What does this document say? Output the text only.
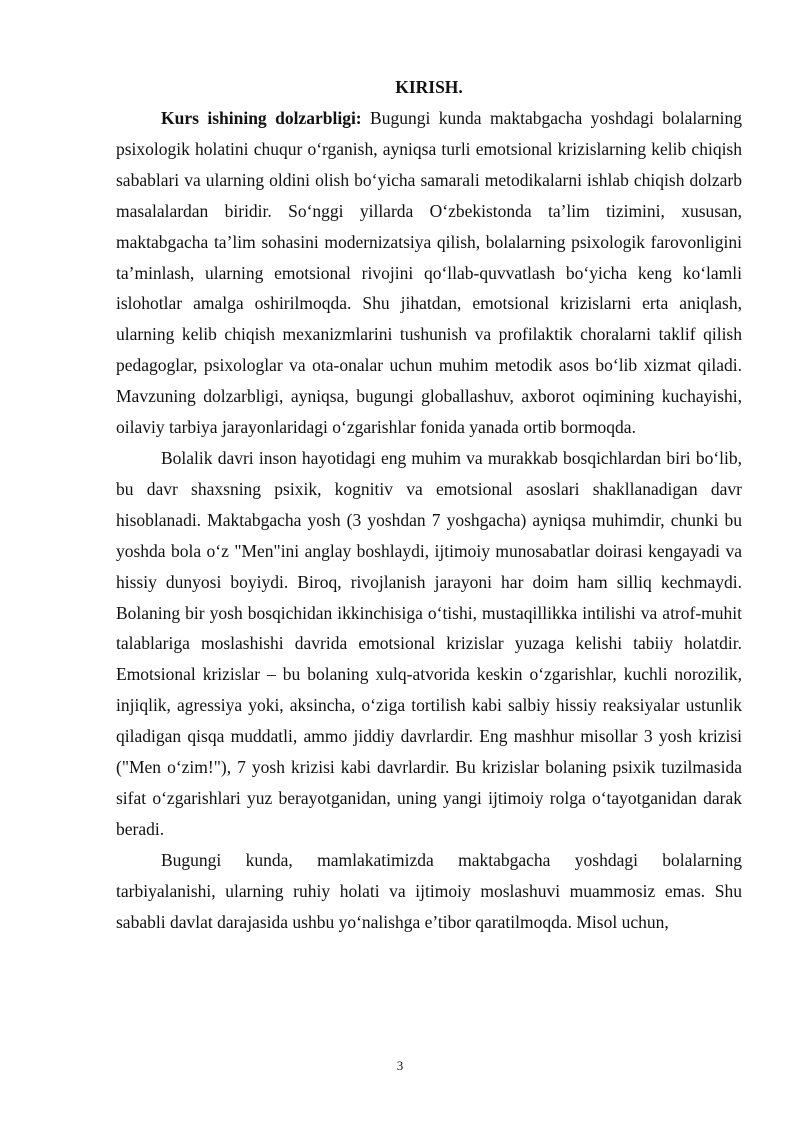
KIRISH.

Kurs ishining dolzarbligi: Bugungi kunda maktabgacha yoshdagi bolalarning psixologik holatini chuqur o‘rganish, ayniqsa turli emotsional krizislarning kelib chiqish sabablari va ularning oldini olish bo‘yicha samarali metodikalarni ishlab chiqish dolzarb masalalardan biridir. So‘nggi yillarda O‘zbekistonda ta’lim tizimini, xususan, maktabgacha ta’lim sohasini modernizatsiya qilish, bolalarning psixologik farovonligini ta’minlash, ularning emotsional rivojini qo‘llab-quvvatlash bo‘yicha keng ko‘lamli islohotlar amalga oshirilmoqda. Shu jihatdan, emotsional krizislarni erta aniqlash, ularning kelib chiqish mexanizmlarini tushunish va profilaktik choralarni taklif qilish pedagoglar, psixologlar va ota-onalar uchun muhim metodik asos bo‘lib xizmat qiladi. Mavzuning dolzarbligi, ayniqsa, bugungi globallashuv, axborot oqimining kuchayishi, oilaviy tarbiya jarayonlaridagi o‘zgarishlar fonida yanada ortib bormoqda.

Bolalik davri inson hayotidagi eng muhim va murakkab bosqichlardan biri bo‘lib, bu davr shaxsning psixik, kognitiv va emotsional asoslari shakllanadigan davr hisoblanadi. Maktabgacha yosh (3 yoshdan 7 yoshgacha) ayniqsa muhimdir, chunki bu yoshda bola o‘z "Men"ini anglay boshlaydi, ijtimoiy munosabatlar doirasi kengayadi va hissiy dunyosi boyiydi. Biroq, rivojlanish jarayoni har doim ham silliq kechmaydi. Bolaning bir yosh bosqichidan ikkinchisiga o‘tishi, mustaqillikka intilishi va atrof-muhit talablariga moslashishi davrida emotsional krizislar yuzaga kelishi tabiiy holatdir. Emotsional krizislar – bu bolaning xulq-atvorida keskin o‘zgarishlar, kuchli norozilik, injiqlik, agressiya yoki, aksincha, o‘ziga tortilish kabi salbiy hissiy reaksiyalar ustunlik qiladigan qisqa muddatli, ammo jiddiy davrlardir. Eng mashhur misollar 3 yosh krizisi ("Men o‘zim!"), 7 yosh krizisi kabi davrlardir. Bu krizislar bolaning psixik tuzilmasida sifat o‘zgarishlari yuz berayotganidan, uning yangi ijtimoiy rolga o‘tayotganidan darak beradi.

Bugungi kunda, mamlakatimizda maktabgacha yoshdagi bolalarning tarbiyalanishi, ularning ruhiy holati va ijtimoiy moslashuvi muammosiz emas. Shu sababli davlat darajasida ushbu yo‘nalishga e’tibor qaratilmoqda. Misol uchun,

3
